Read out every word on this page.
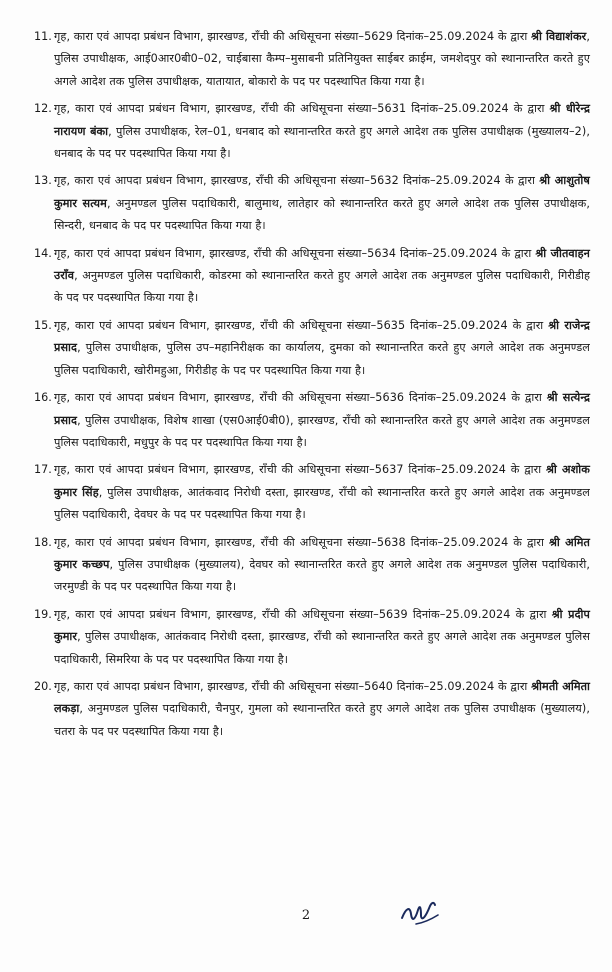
11. गृह, कारा एवं आपदा प्रबंधन विभाग, झारखण्ड, राँची की अधिसूचना संख्या–5629 दिनांक–25.09.2024 के द्वारा श्री विद्याशंकर, पुलिस उपाधीक्षक, आई0आर0बी0–02, चाईबासा कैम्प–मुसाबनी प्रतिनियुक्त साईबर क्राईम, जमशेदपुर को स्थानान्तरित करते हुए अगले आदेश तक पुलिस उपाधीक्षक, यातायात, बोकारो के पद पर पदस्थापित किया गया है।
12. गृह, कारा एवं आपदा प्रबंधन विभाग, झारखण्ड, राँची की अधिसूचना संख्या–5631 दिनांक–25.09.2024 के द्वारा श्री धीरेन्द्र नारायण बंका, पुलिस उपाधीक्षक, रेल–01, धनबाद को स्थानान्तरित करते हुए अगले आदेश तक पुलिस उपाधीक्षक (मुख्यालय–2), धनबाद के पद पर पदस्थापित किया गया है।
13. गृह, कारा एवं आपदा प्रबंधन विभाग, झारखण्ड, राँची की अधिसूचना संख्या–5632 दिनांक–25.09.2024 के द्वारा श्री आशुतोष कुमार सत्यम, अनुमण्डल पुलिस पदाधिकारी, बालुमाथ, लातेहार को स्थानान्तरित करते हुए अगले आदेश तक पुलिस उपाधीक्षक, सिन्दरी, धनबाद के पद पर पदस्थापित किया गया है।
14. गृह, कारा एवं आपदा प्रबंधन विभाग, झारखण्ड, राँची की अधिसूचना संख्या–5634 दिनांक–25.09.2024 के द्वारा श्री जीतवाहन उराँव, अनुमण्डल पुलिस पदाधिकारी, कोडरमा को स्थानान्तरित करते हुए अगले आदेश तक अनुमण्डल पुलिस पदाधिकारी, गिरीडीह के पद पर पदस्थापित किया गया है।
15. गृह, कारा एवं आपदा प्रबंधन विभाग, झारखण्ड, राँची की अधिसूचना संख्या–5635 दिनांक–25.09.2024 के द्वारा श्री राजेन्द्र प्रसाद, पुलिस उपाधीक्षक, पुलिस उप–महानिरीक्षक का कार्यालय, दुमका को स्थानान्तरित करते हुए अगले आदेश तक अनुमण्डल पुलिस पदाधिकारी, खोरीमहुआ, गिरीडीह के पद पर पदस्थापित किया गया है।
16. गृह, कारा एवं आपदा प्रबंधन विभाग, झारखण्ड, राँची की अधिसूचना संख्या–5636 दिनांक–25.09.2024 के द्वारा श्री सत्येन्द्र प्रसाद, पुलिस उपाधीक्षक, विशेष शाखा (एस0आई0बी0), झारखण्ड, राँची को स्थानान्तरित करते हुए अगले आदेश तक अनुमण्डल पुलिस पदाधिकारी, मधुपुर के पद पर पदस्थापित किया गया है।
17. गृह, कारा एवं आपदा प्रबंधन विभाग, झारखण्ड, राँची की अधिसूचना संख्या–5637 दिनांक–25.09.2024 के द्वारा श्री अशोक कुमार सिंह, पुलिस उपाधीक्षक, आतंकवाद निरोधी दस्ता, झारखण्ड, राँची को स्थानान्तरित करते हुए अगले आदेश तक अनुमण्डल पुलिस पदाधिकारी, देवघर के पद पर पदस्थापित किया गया है।
18. गृह, कारा एवं आपदा प्रबंधन विभाग, झारखण्ड, राँची की अधिसूचना संख्या–5638 दिनांक–25.09.2024 के द्वारा श्री अमित कुमार कच्छप, पुलिस उपाधीक्षक (मुख्यालय), देवघर को स्थानान्तरित करते हुए अगले आदेश तक अनुमण्डल पुलिस पदाधिकारी, जरमुण्डी के पद पर पदस्थापित किया गया है।
19. गृह, कारा एवं आपदा प्रबंधन विभाग, झारखण्ड, राँची की अधिसूचना संख्या–5639 दिनांक–25.09.2024 के द्वारा श्री प्रदीप कुमार, पुलिस उपाधीक्षक, आतंकवाद निरोधी दस्ता, झारखण्ड, राँची को स्थानान्तरित करते हुए अगले आदेश तक अनुमण्डल पुलिस पदाधिकारी, सिमरिया के पद पर पदस्थापित किया गया है।
20. गृह, कारा एवं आपदा प्रबंधन विभाग, झारखण्ड, राँची की अधिसूचना संख्या–5640 दिनांक–25.09.2024 के द्वारा श्रीमती अमिता लकड़ा, अनुमण्डल पुलिस पदाधिकारी, चैनपुर, गुमला को स्थानान्तरित करते हुए अगले आदेश तक पुलिस उपाधीक्षक (मुख्यालय), चतरा के पद पर पदस्थापित किया गया है।
2
